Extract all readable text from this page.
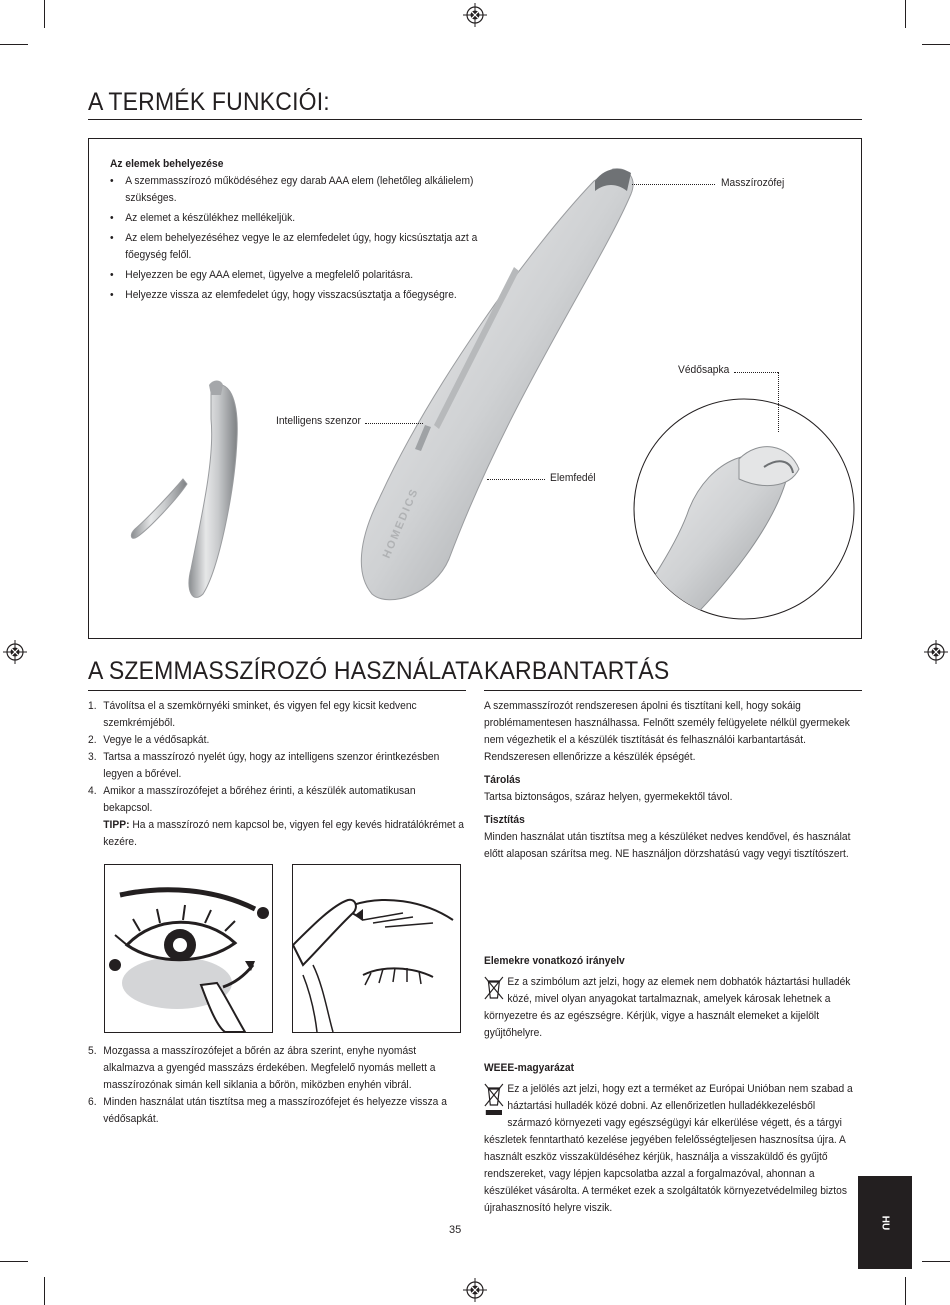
A TERMÉK FUNKCIÓI:
HOMEDICS
Az elemek behelyezése
• A szemmasszírozó működéséhez egy darab AAA elem (lehetőleg alkálielem) szükséges.
• Az elemet a készülékhez mellékeljük.
• Az elem behelyezéséhez vegye le az elemfedelet úgy, hogy kicsúsztatja azt a főegység felől.
• Helyezzen be egy AAA elemet, ügyelve a megfelelő polaritásra.
• Helyezze vissza az elemfedelet úgy, hogy visszacsúsztatja a főegységre.
Masszírozófej
Védősapka
Intelligens szenzor
Elemfedél
A SZEMMASSZÍROZÓ HASZNÁLATA
1. Távolítsa el a szemkörnyéki sminket, és vigyen fel egy kicsit kedvenc szemkrémjéből.
2. Vegye le a védősapkát.
3. Tartsa a masszírozó nyelét úgy, hogy az intelligens szenzor érintkezésben legyen a bőrével.
4. Amikor a masszírozófejet a bőréhez érinti, a készülék automatikusan bekapcsol.
TIPP: Ha a masszírozó nem kapcsol be, vigyen fel egy kevés hidratálókrémet a kezére.
5. Mozgassa a masszírozófejet a bőrén az ábra szerint, enyhe nyomást alkalmazva a gyengéd masszázs érdekében. Megfelelő nyomás mellett a masszírozónak simán kell siklania a bőrön, miközben enyhén vibrál.
6. Minden használat után tisztítsa meg a masszírozófejet és helyezze vissza a védősapkát.
KARBANTARTÁS
A szemmasszírozót rendszeresen ápolni és tisztítani kell, hogy sokáig problémamentesen használhassa. Felnőtt személy felügyelete nélkül gyermekek nem végezhetik el a készülék tisztítását és felhasználói karbantartását. Rendszeresen ellenőrizze a készülék épségét.
Tárolás
Tartsa biztonságos, száraz helyen, gyermekektől távol.
Tisztítás
Minden használat után tisztítsa meg a készüléket nedves kendővel, és használat előtt alaposan szárítsa meg. NE használjon dörzshatású vagy vegyi tisztítószert.
Elemekre vonatkozó irányelv
Ez a szimbólum azt jelzi, hogy az elemek nem dobhatók háztartási hulladék közé, mivel olyan anyagokat tartalmaznak, amelyek károsak lehetnek a környezetre és az egészségre. Kérjük, vigye a használt elemeket a kijelölt gyűjtőhelyre.
WEEE-magyarázat
Ez a jelölés azt jelzi, hogy ezt a terméket az Európai Unióban nem szabad a háztartási hulladék közé dobni. Az ellenőrizetlen hulladékkezelésből származó környezeti vagy egészségügyi kár elkerülése végett, és a tárgyi készletek fenntartható kezelése jegyében felelősségteljesen hasznosítsa újra. A használt eszköz visszaküldéséhez kérjük, használja a visszaküldő és gyűjtő rendszereket, vagy lépjen kapcsolatba azzal a forgalmazóval, ahonnan a készüléket vásárolta. A terméket ezek a szolgáltatók környezetvédelmileg biztos újrahasznosító helyre viszik.
35
HU
